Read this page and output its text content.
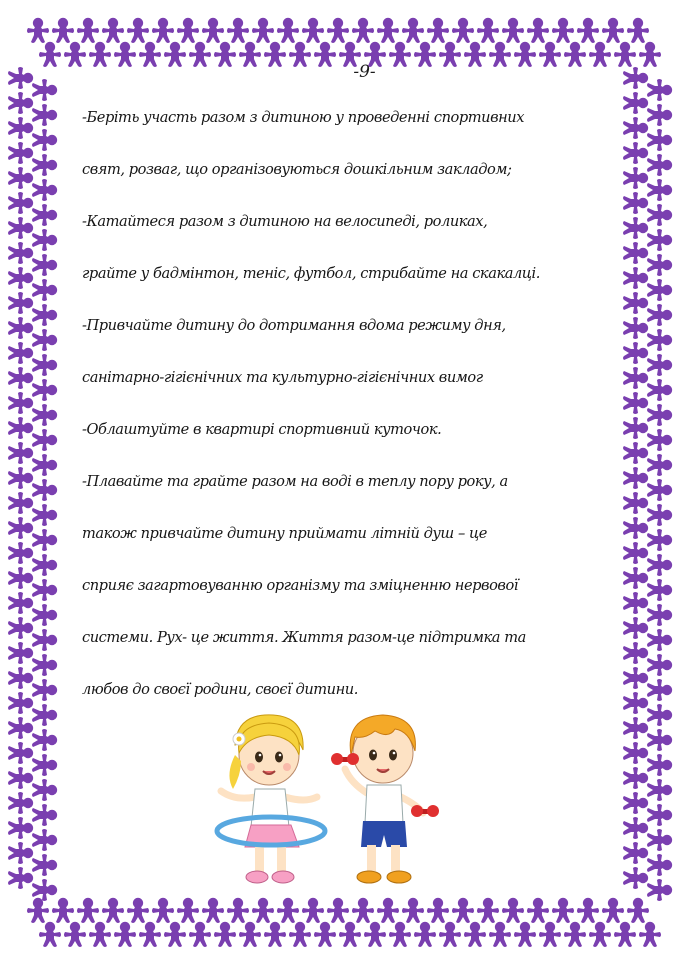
-9-

-Беріть участь разом з дитиною у проведенні спортивних

свят, розваг, що організовуються дошкільним закладом;

-Катайтеся разом з дитиною на велосипеді, роликах,

грайте у бадмінтон, теніс, футбол, стрибайте на скакалці.

-Привчайте дитину до дотримання вдома режиму дня,

санітарно-гігієнічних та культурно-гігієнічних вимог

-Облаштуйте в квартирі спортивний куточок.

-Плавайте та грайте разом на воді в теплу пору року, а

також привчайте дитину приймати літній душ – це

сприяє загартовуванню організму та зміцненню нервової

системи. Рух- це життя. Життя разом-це підтримка та

любов до своєї родини, своєї дитини.
